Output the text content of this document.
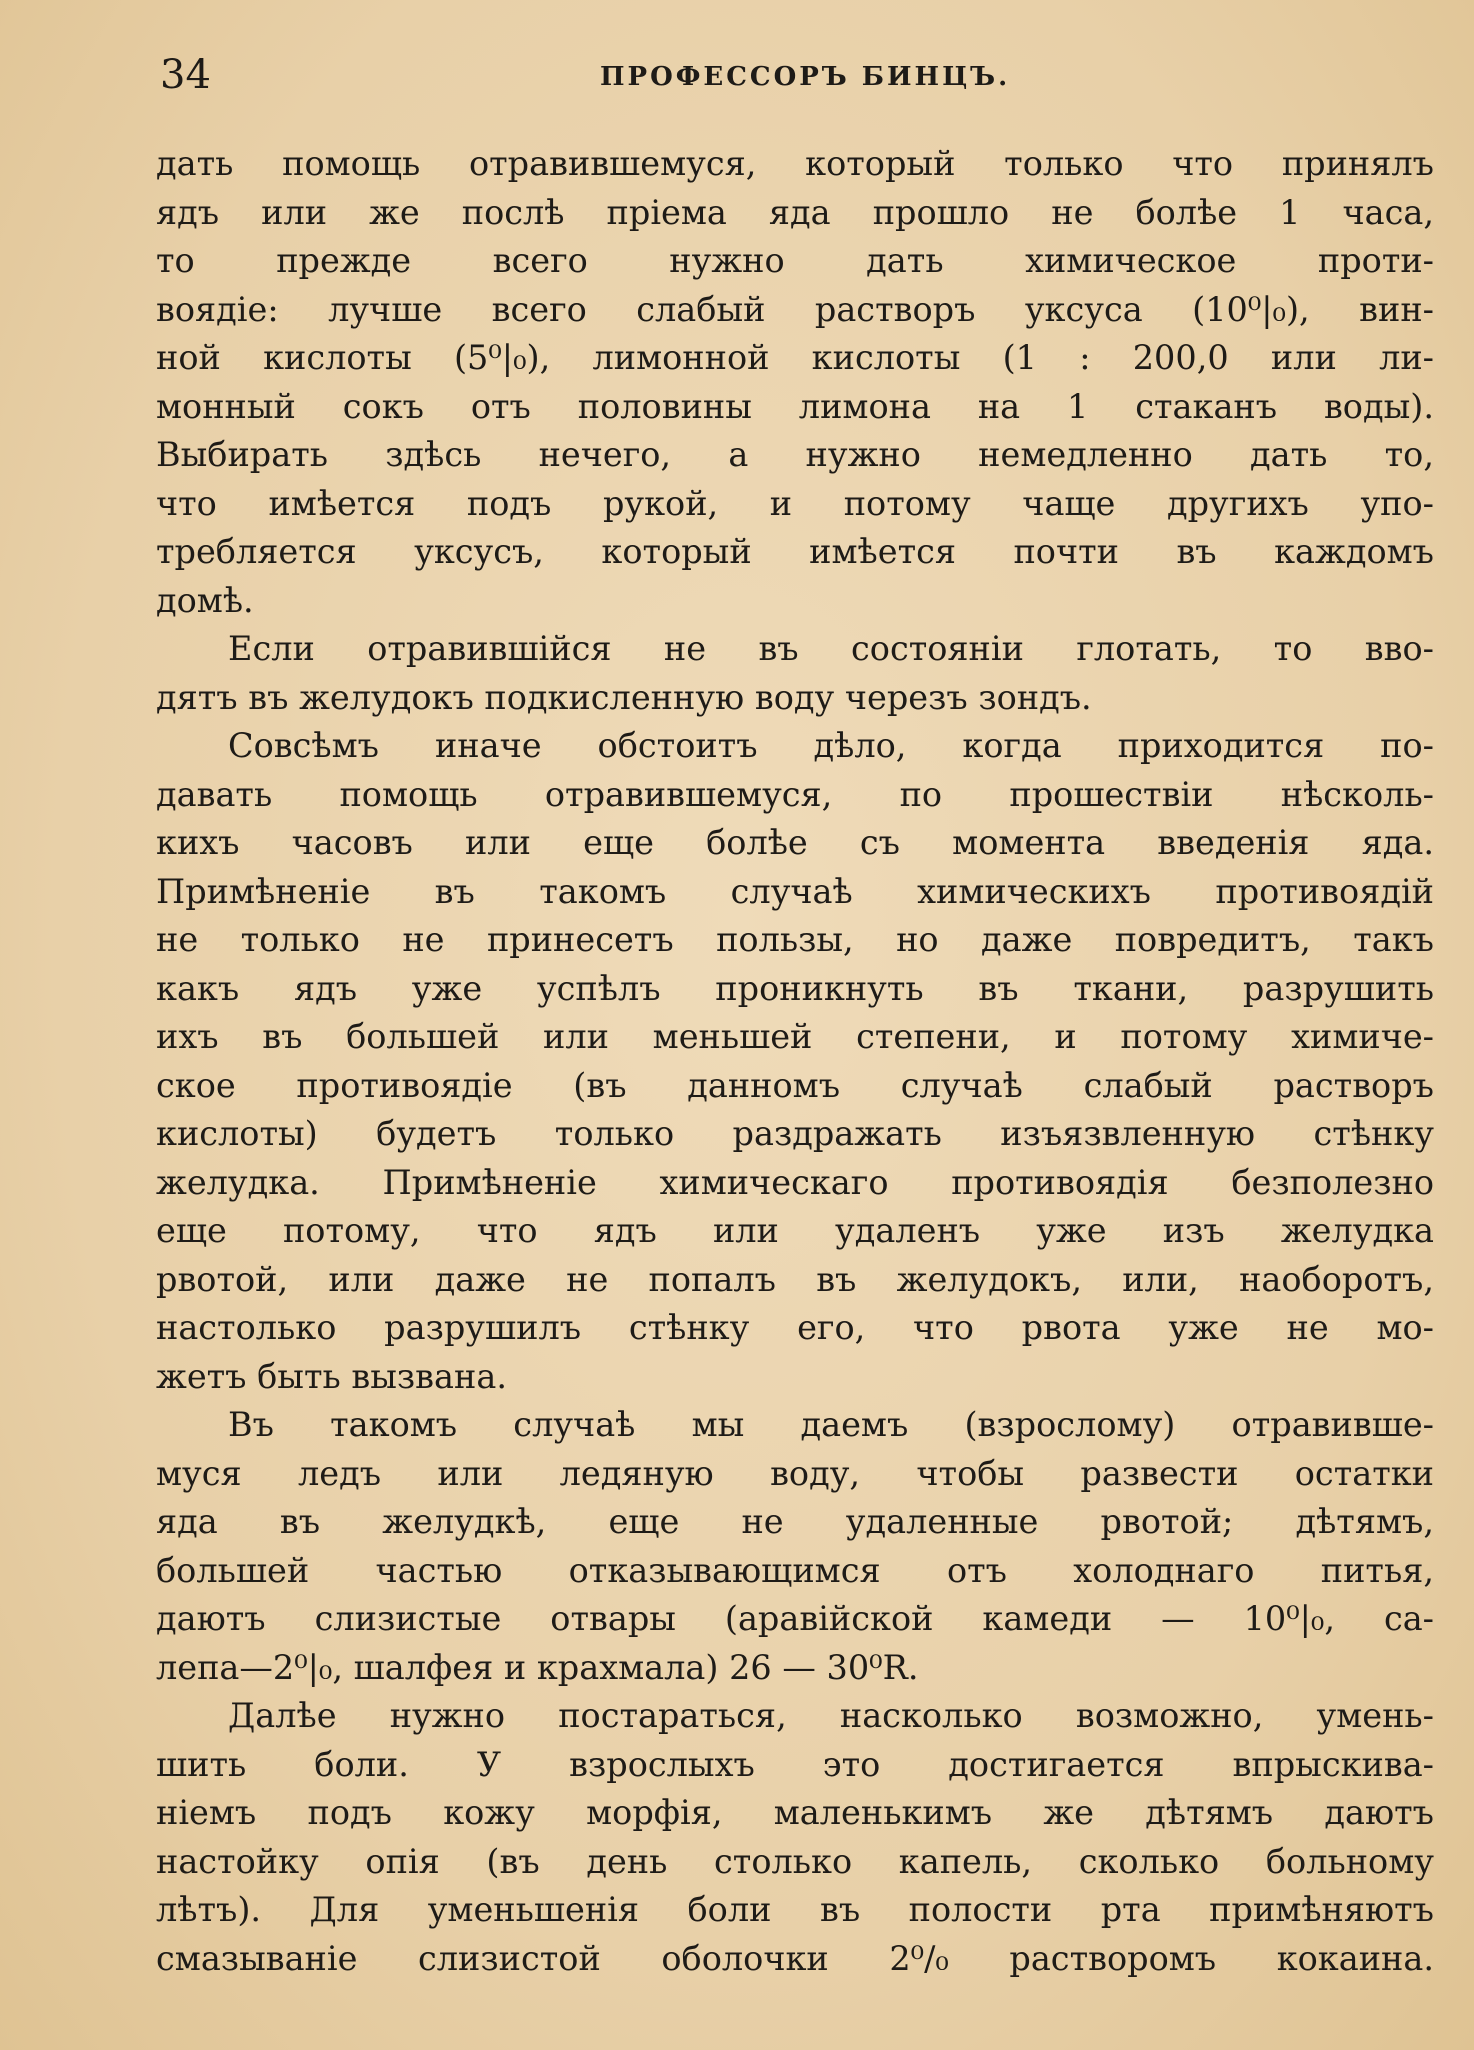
34	ПРОФЕССОРЪ БИНЦЪ.
дать помощь отравившемуся, который только что принялъ
ядъ или же послѣ пріема яда прошло не болѣе 1 часа,
то прежде всего нужно дать химическое проти-
воядіе: лучше всего слабый растворъ уксуса (10⁰|₀), вин-
ной кислоты (5⁰|₀), лимонной кислоты (1 : 200,0 или ли-
монный сокъ отъ половины лимона на 1 стаканъ воды).
Выбирать здѣсь нечего, а нужно немедленно дать то,
что имѣется подъ рукой, и потому чаще другихъ упо-
требляется уксусъ, который имѣется почти въ каждомъ
домѣ.
Если отравившійся не въ состояніи глотать, то вво-
дятъ въ желудокъ подкисленную воду черезъ зондъ.
Совсѣмъ иначе обстоитъ дѣло, когда приходится по-
давать помощь отравившемуся, по прошествіи нѣсколь-
кихъ часовъ или еще болѣе съ момента введенія яда.
Примѣненіе въ такомъ случаѣ химическихъ противоядій
не только не принесетъ пользы, но даже повредитъ, такъ
какъ ядъ уже успѣлъ проникнуть въ ткани, разрушить
ихъ въ большей или меньшей степени, и потому химиче-
ское противоядіе (въ данномъ случаѣ слабый растворъ
кислоты) будетъ только раздражать изъязвленную стѣнку
желудка. Примѣненіе химическаго противоядія безполезно
еще потому, что ядъ или удаленъ уже изъ желудка
рвотой, или даже не попалъ въ желудокъ, или, наоборотъ,
настолько разрушилъ стѣнку его, что рвота уже не мо-
жетъ быть вызвана.
Въ такомъ случаѣ мы даемъ (взрослому) отравивше-
муся ледъ или ледяную воду, чтобы развести остатки
яда въ желудкѣ, еще не удаленные рвотой; дѣтямъ,
большей частью отказывающимся отъ холоднаго питья,
даютъ слизистые отвары (аравійской камеди — 10⁰|₀, са-
лепа—2⁰|₀, шалфея и крахмала) 26 — 30⁰R.
Далѣе нужно постараться, насколько возможно, умень-
шить боли. У взрослыхъ это достигается впрыскива-
ніемъ подъ кожу морфія, маленькимъ же дѣтямъ даютъ
настойку опія (въ день столько капель, сколько больному
лѣтъ). Для уменьшенія боли въ полости рта примѣняютъ
смазываніе слизистой оболочки 2⁰/₀ растворомъ кокаина.
